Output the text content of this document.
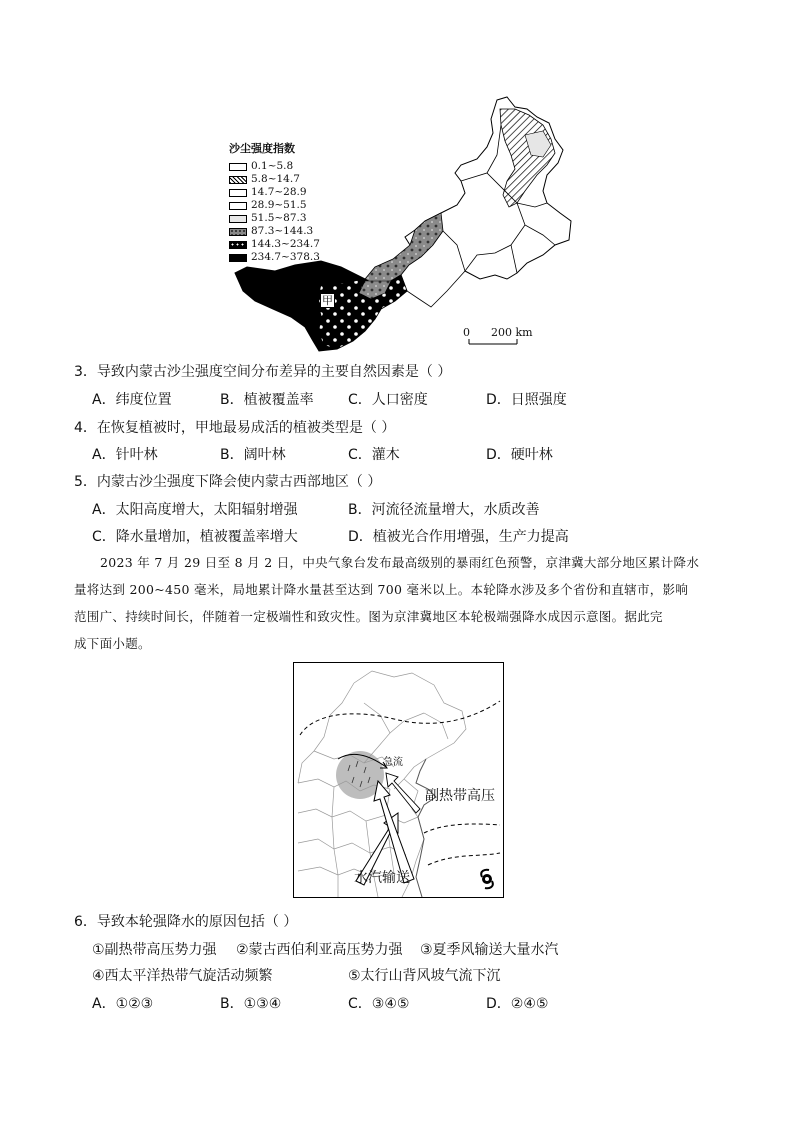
沙尘强度指数
0.1~5.8
5.8~14.7
14.7~28.9
28.9~51.5
51.5~87.3
87.3~144.3
144.3~234.7
234.7~378.3
甲
0 200 km
3．导致内蒙古沙尘强度空间分布差异的主要自然因素是（ ）
A．纬度位置	B．植被覆盖率 C．人口密度	D．日照强度
4．在恢复植被时，甲地最易成活的植被类型是（ ）
A．针叶林	B．阔叶林	C．灌木	D．硬叶林
5．内蒙古沙尘强度下降会使内蒙古西部地区（ ）
A．太阳高度增大，太阳辐射增强	B．河流径流量增大，水质改善
C．降水量增加，植被覆盖率增大	D．植被光合作用增强，生产力提高
2023 年 7 月 29 日至 8 月 2 日，中央气象台发布最高级别的暴雨红色预警，京津冀大部分地区累计降水
量将达到 200~450 毫米，局地累计降水量甚至达到 700 毫米以上。本轮降水涉及多个省份和直辖市，影响
范围广、持续时间长，伴随着一定极端性和致灾性。图为京津冀地区本轮极端强降水成因示意图。据此完
成下面小题。
副热带高压
水汽输送
急流
6．导致本轮强降水的原因包括（ ）
①副热带高压势力强 ②蒙古西伯利亚高压势力强 ③夏季风输送大量水汽
④西太平洋热带气旋活动频繁	⑤太行山背风坡气流下沉
A．①②③	B．①③④	C．③④⑤	D．②④⑤
